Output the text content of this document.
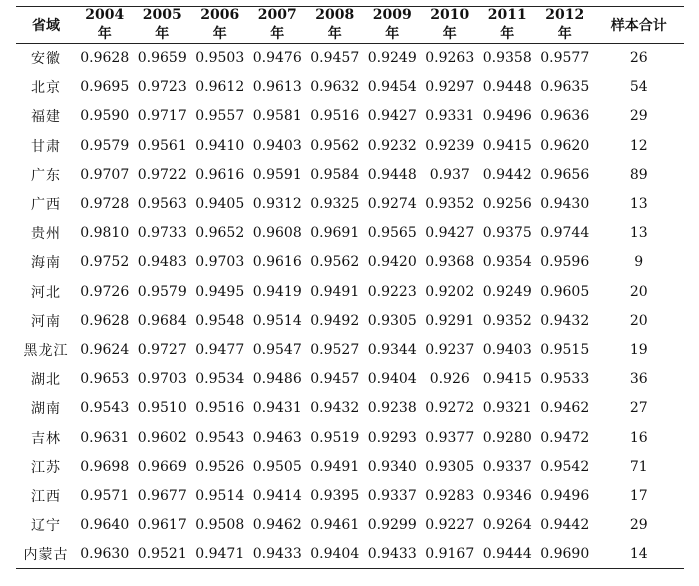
省域	2004 年	2005 年	2006 年	2007 年	2008 年	2009 年	2010 年	2011 年	2012 年	样本合计
安徽	0.9628	0.9659	0.9503	0.9476	0.9457	0.9249	0.9263	0.9358	0.9577	26
北京	0.9695	0.9723	0.9612	0.9613	0.9632	0.9454	0.9297	0.9448	0.9635	54
福建	0.9590	0.9717	0.9557	0.9581	0.9516	0.9427	0.9331	0.9496	0.9636	29
甘肃	0.9579	0.9561	0.9410	0.9403	0.9562	0.9232	0.9239	0.9415	0.9620	12
广东	0.9707	0.9722	0.9616	0.9591	0.9584	0.9448	0.937	0.9442	0.9656	89
广西	0.9728	0.9563	0.9405	0.9312	0.9325	0.9274	0.9352	0.9256	0.9430	13
贵州	0.9810	0.9733	0.9652	0.9608	0.9691	0.9565	0.9427	0.9375	0.9744	13
海南	0.9752	0.9483	0.9703	0.9616	0.9562	0.9420	0.9368	0.9354	0.9596	9
河北	0.9726	0.9579	0.9495	0.9419	0.9491	0.9223	0.9202	0.9249	0.9605	20
河南	0.9628	0.9684	0.9548	0.9514	0.9492	0.9305	0.9291	0.9352	0.9432	20
黑龙江	0.9624	0.9727	0.9477	0.9547	0.9527	0.9344	0.9237	0.9403	0.9515	19
湖北	0.9653	0.9703	0.9534	0.9486	0.9457	0.9404	0.926	0.9415	0.9533	36
湖南	0.9543	0.9510	0.9516	0.9431	0.9432	0.9238	0.9272	0.9321	0.9462	27
吉林	0.9631	0.9602	0.9543	0.9463	0.9519	0.9293	0.9377	0.9280	0.9472	16
江苏	0.9698	0.9669	0.9526	0.9505	0.9491	0.9340	0.9305	0.9337	0.9542	71
江西	0.9571	0.9677	0.9514	0.9414	0.9395	0.9337	0.9283	0.9346	0.9496	17
辽宁	0.9640	0.9617	0.9508	0.9462	0.9461	0.9299	0.9227	0.9264	0.9442	29
内蒙古	0.9630	0.9521	0.9471	0.9433	0.9404	0.9433	0.9167	0.9444	0.9690	14
